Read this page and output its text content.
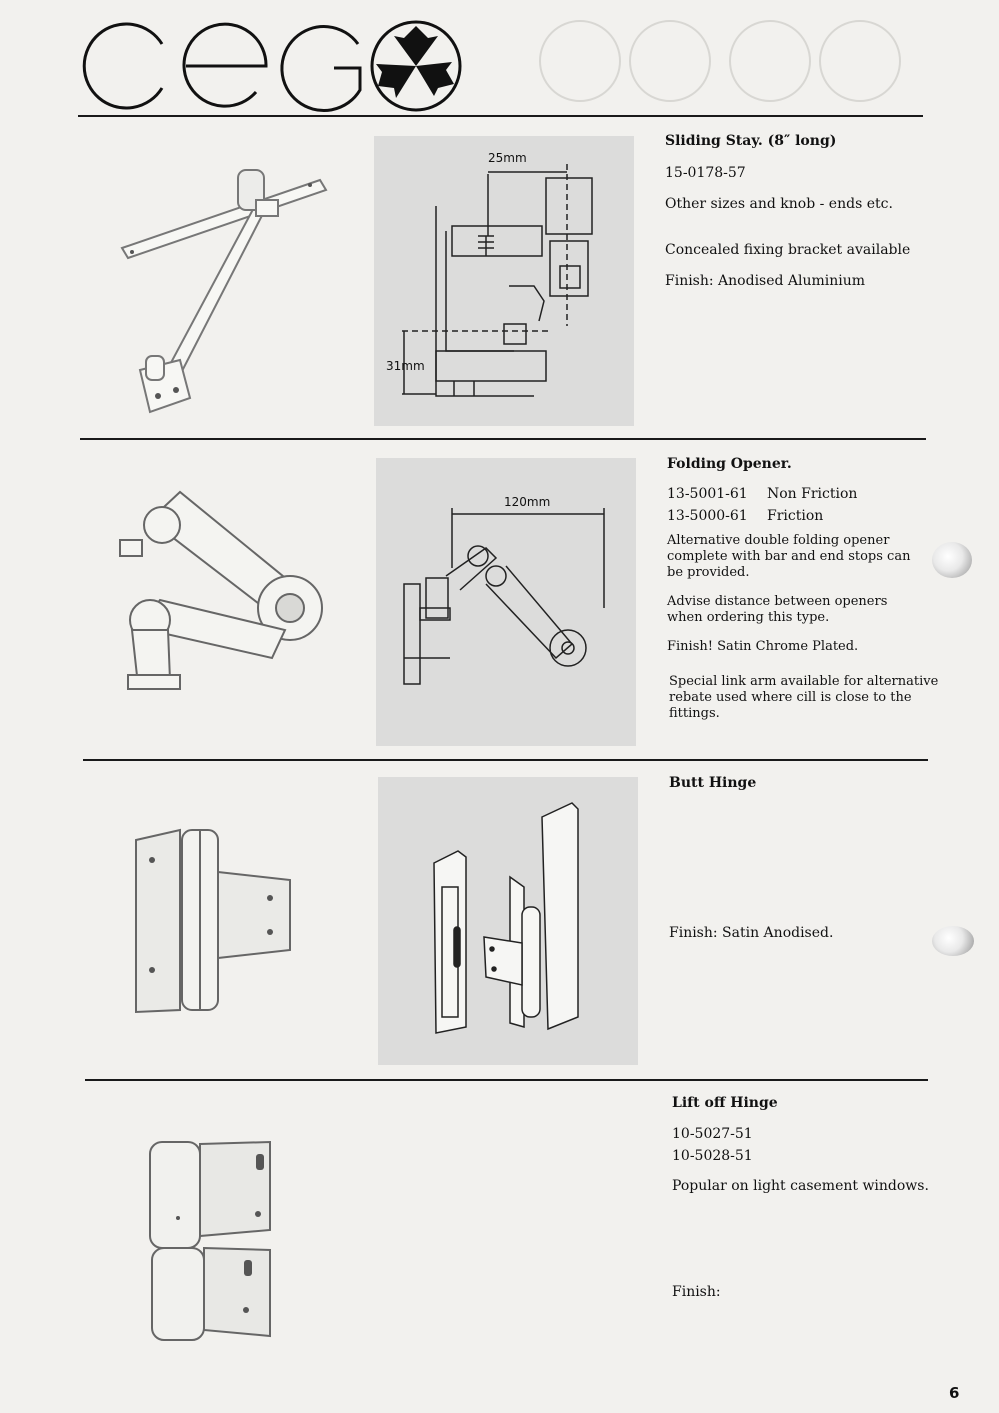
cego
25mm
31mm
Sliding Stay. (8″ long)
15-0178-57
Other sizes and knob - ends etc.
Concealed fixing bracket available
Finish: Anodised Aluminium
120mm
Folding Opener.
13-5001-61 Non Friction
13-5000-61 Friction
Alternative double folding opener complete with bar and end stops can be provided.
Advise distance between openers when ordering this type.
Finish! Satin Chrome Plated.
Special link arm available for alternative rebate used where cill is close to the fittings.
Butt Hinge
Finish: Satin Anodised.
Lift off Hinge
10-5027-51
10-5028-51
Popular on light casement windows.
Finish:
6
